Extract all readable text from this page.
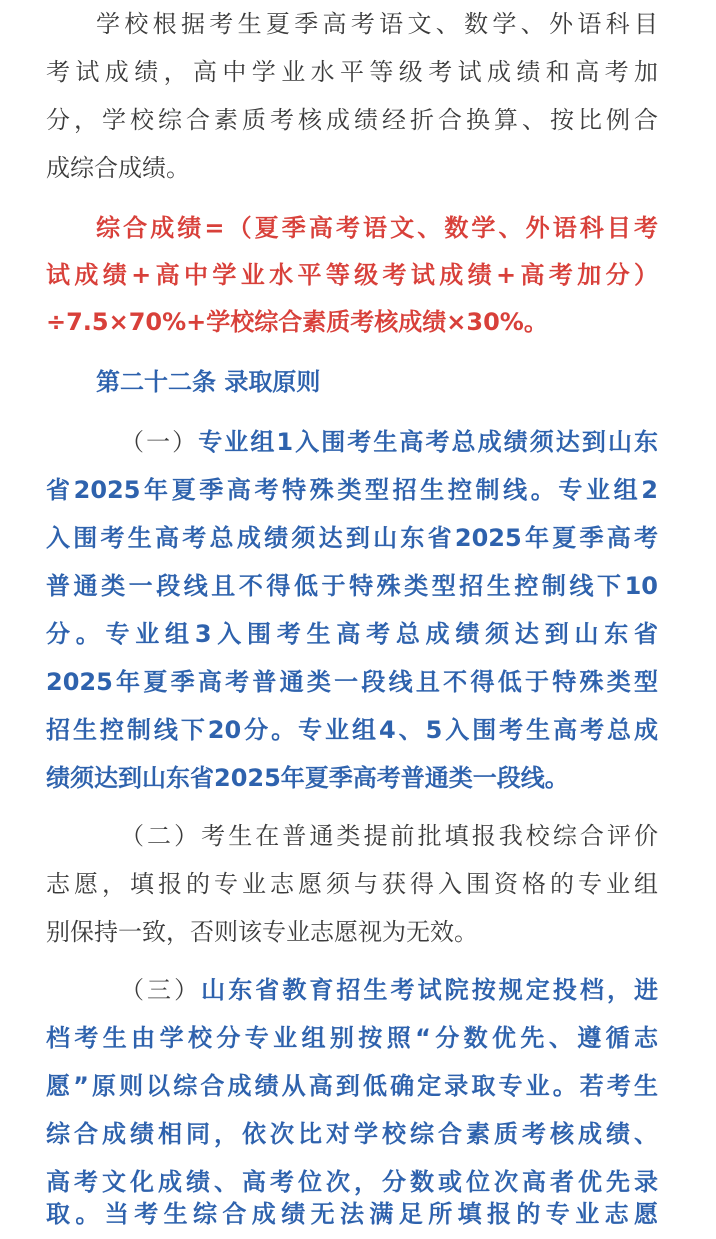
学校根据考生夏季高考语文、数学、外语科目
考试成绩，高中学业水平等级考试成绩和高考加
分，学校综合素质考核成绩经折合换算、按比例合
成综合成绩。
综合成绩=（夏季高考语文、数学、外语科目考
试成绩+高中学业水平等级考试成绩+高考加分）
÷7.5×70%+学校综合素质考核成绩×30%。
第二十二条 录取原则
（一）专业组1入围考生高考总成绩须达到山东
省2025年夏季高考特殊类型招生控制线。专业组2
入围考生高考总成绩须达到山东省2025年夏季高考
普通类一段线且不得低于特殊类型招生控制线下10
分。专业组3入围考生高考总成绩须达到山东省
2025年夏季高考普通类一段线且不得低于特殊类型
招生控制线下20分。专业组4、5入围考生高考总成
绩须达到山东省2025年夏季高考普通类一段线。
（二）考生在普通类提前批填报我校综合评价
志愿，填报的专业志愿须与获得入围资格的专业组
别保持一致，否则该专业志愿视为无效。
（三）山东省教育招生考试院按规定投档，进
档考生由学校分专业组别按照“分数优先、遵循志
愿”原则以综合成绩从高到低确定录取专业。若考生
综合成绩相同，依次比对学校综合素质考核成绩、
高考文化成绩、高考位次，分数或位次高者优先录
取。当考生综合成绩无法满足所填报的专业志愿
